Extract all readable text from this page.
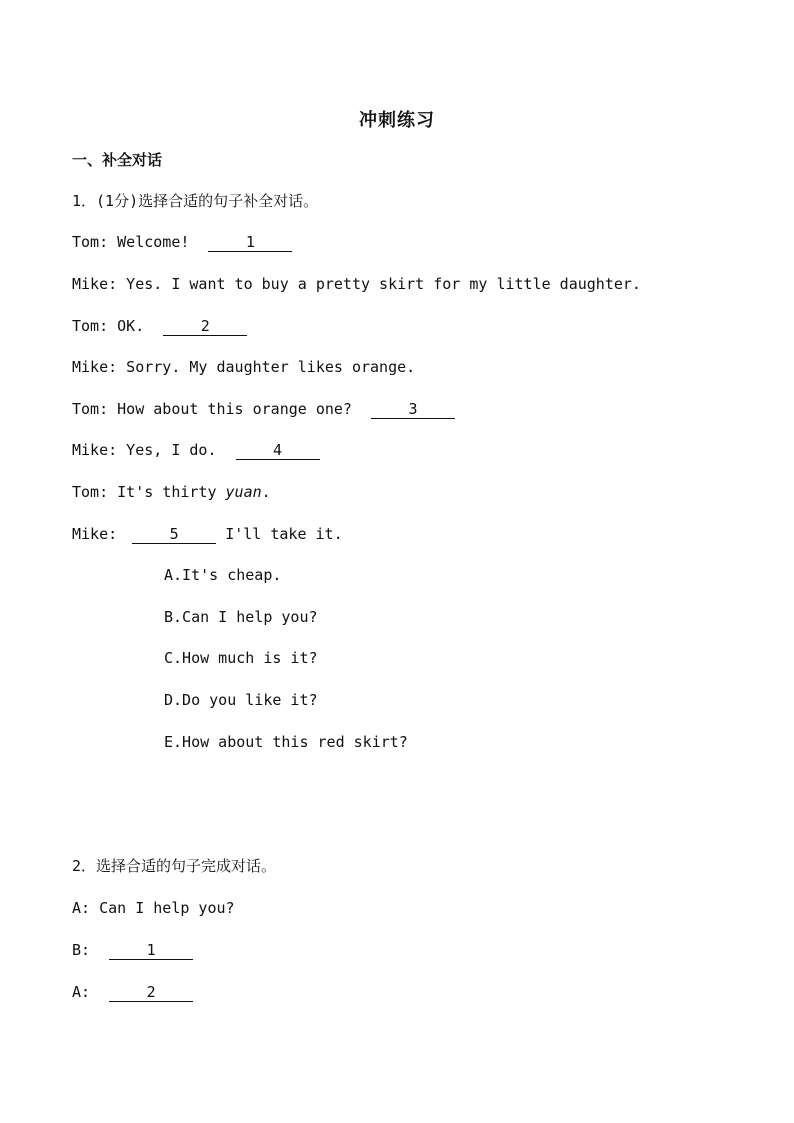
冲刺练习
一、补全对话
1．(1分)选择合适的句子补全对话。
Tom: Welcome!	1
Mike: Yes. I want to buy a pretty skirt for my little daughter.
Tom: OK.	2
Mike: Sorry. My daughter likes orange.
Tom: How about this orange one?	3
Mike: Yes, I do.	4
Tom: It's thirty yuan.
Mike:	5 I'll take it.
A.It's cheap.
B.Can I help you?
C.How much is it?
D.Do you like it?
E.How about this red skirt?
2．选择合适的句子完成对话。
A: Can I help you?
B:	1
A:	2
